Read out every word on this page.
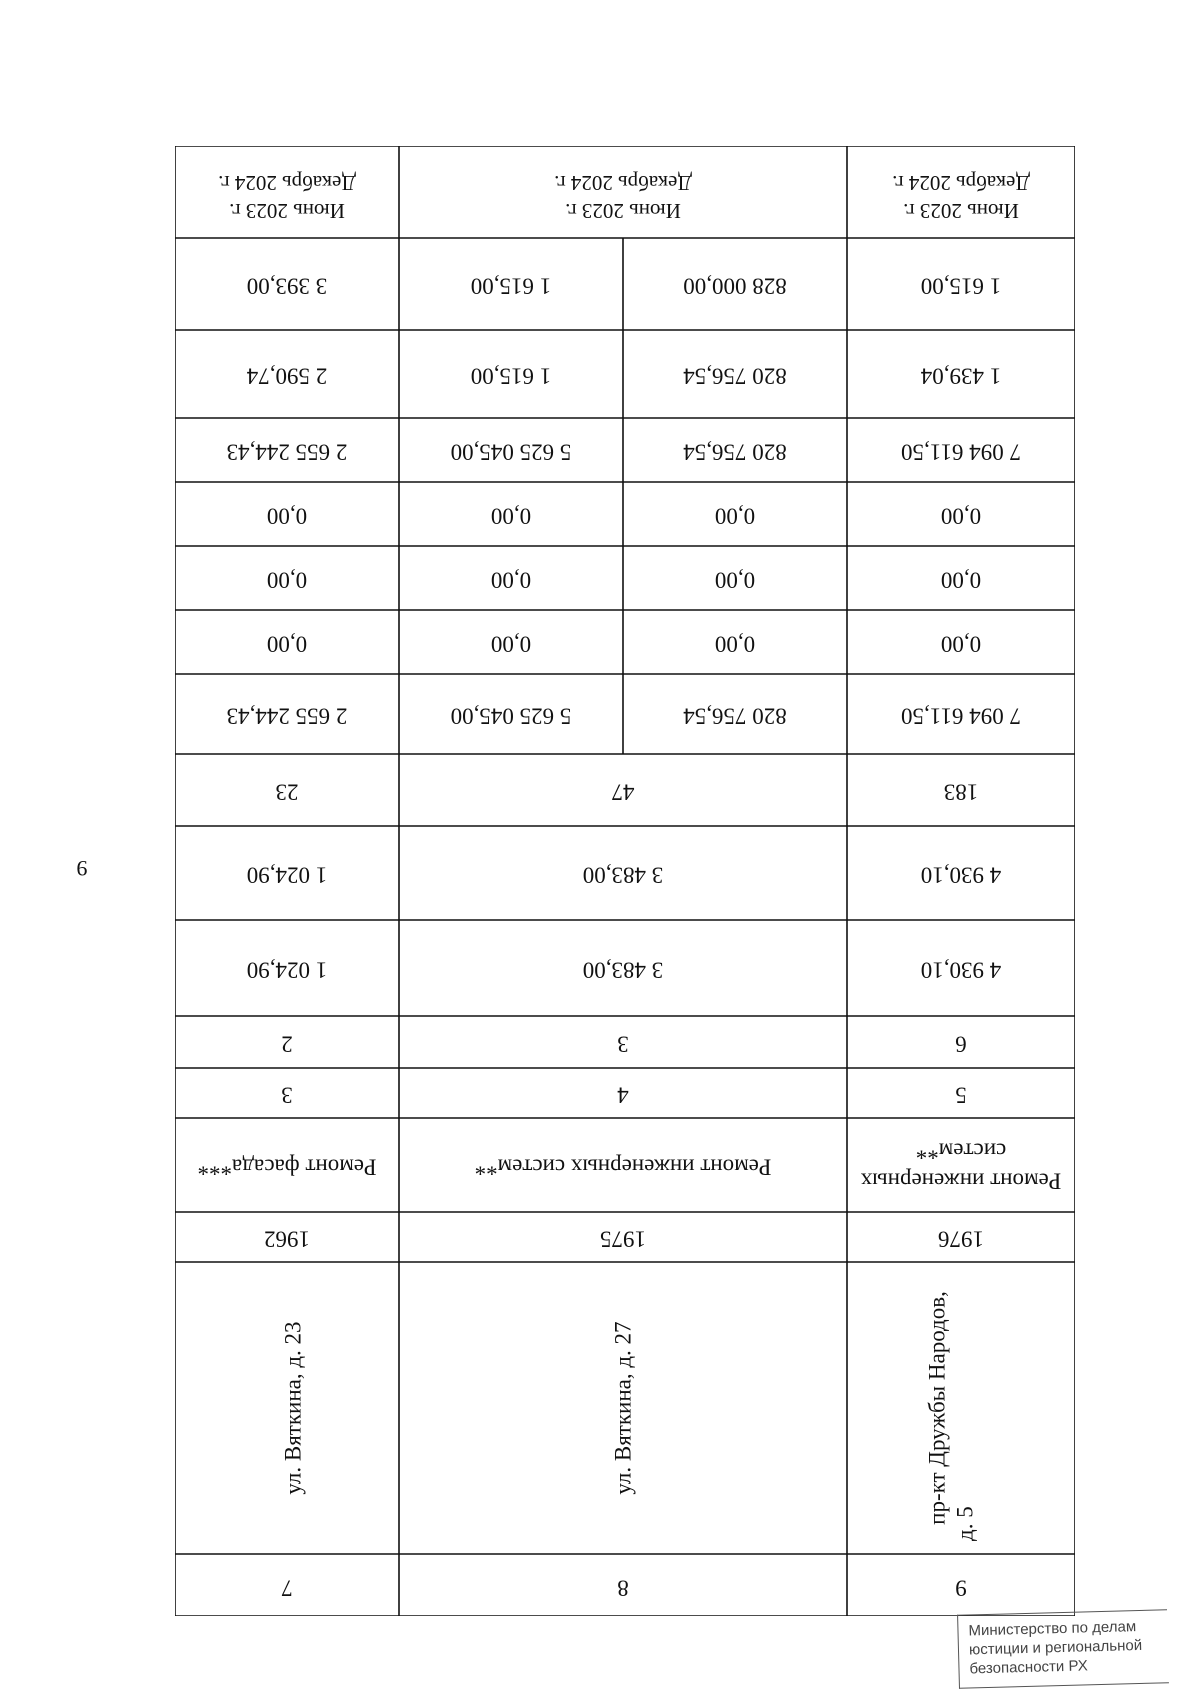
9
Декабрь 2024 г.
Июнь 2023 г.
3 393,00
2 590,74
2 655 244,43
0,00
0,00
0,00
2 655 244,43
23
1 024,90
1 024,90
2
3
Ремонт фасада***
1962
ул. Вяткина, д. 23
7
Декабрь 2024 г.
Июнь 2023 г.
1 615,00
1 615,00
5 625 045,00
0,00
0,00
0,00
5 625 045,00
828 000,00
820 756,54
820 756,54
0,00
0,00
0,00
820 756,54
47
3 483,00
3 483,00
3
4
Ремонт инженерных систем**
1975
ул. Вяткина, д. 27
8
Декабрь 2024 г.
Июнь 2023 г.
1 615,00
1 439,04
7 094 611,50
0,00
0,00
0,00
7 094 611,50
183
4 930,10
4 930,10
6
5
систем**
Ремонт инженерных
1976
пр-кт Дружбы Народов, д. 5
9
Министерство по делам
юстиции и региональной
безопасности РХ
